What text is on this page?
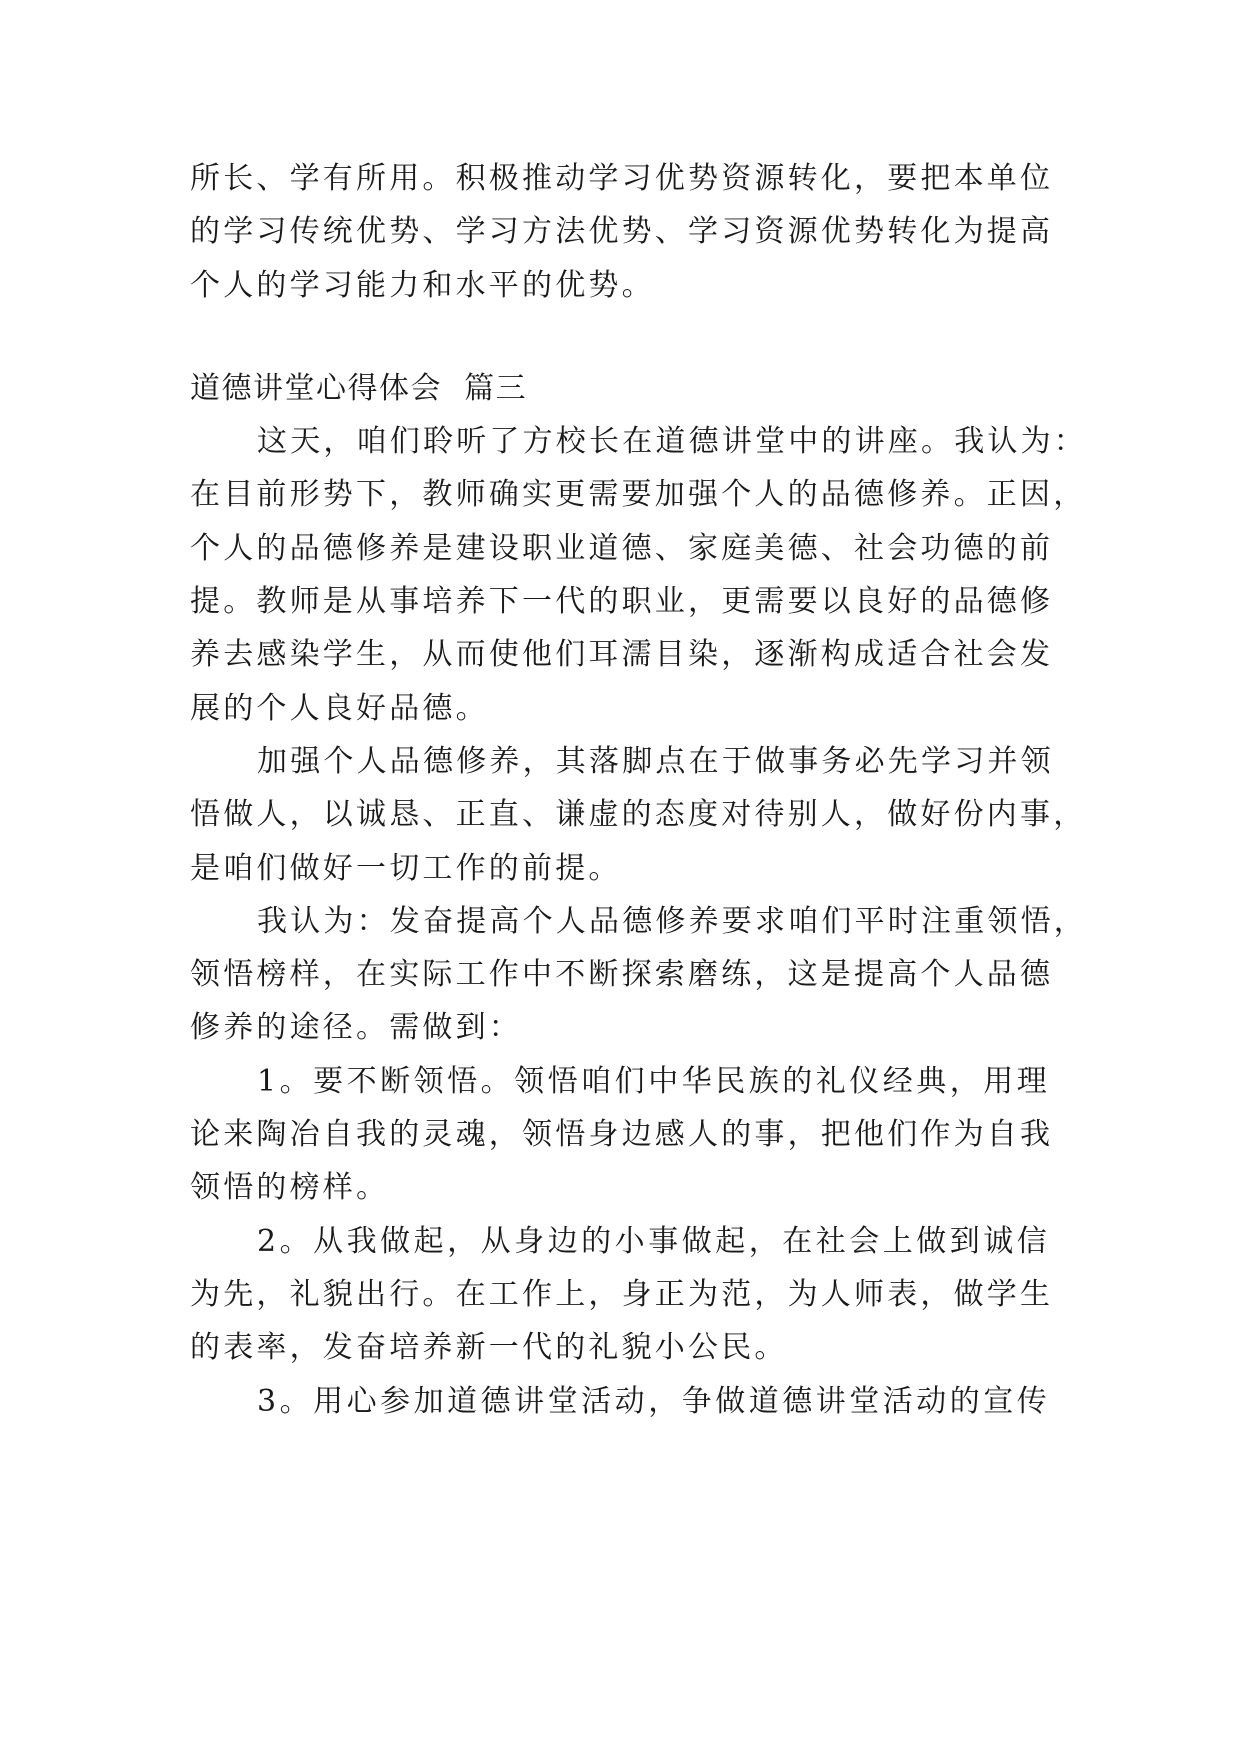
所长、学有所用。积极推动学习优势资源转化，要把本单位
的学习传统优势、学习方法优势、学习资源优势转化为提高
个人的学习能力和水平的优势。

道德讲堂心得体会  篇三

这天，咱们聆听了方校长在道德讲堂中的讲座。我认为：
在目前形势下，教师确实更需要加强个人的品德修养。正因，
个人的品德修养是建设职业道德、家庭美德、社会功德的前
提。教师是从事培养下一代的职业，更需要以良好的品德修
养去感染学生，从而使他们耳濡目染，逐渐构成适合社会发
展的个人良好品德。

加强个人品德修养，其落脚点在于做事务必先学习并领
悟做人，以诚恳、正直、谦虚的态度对待别人，做好份内事，
是咱们做好一切工作的前提。

我认为：发奋提高个人品德修养要求咱们平时注重领悟，
领悟榜样，在实际工作中不断探索磨练，这是提高个人品德
修养的途径。需做到：

1。要不断领悟。领悟咱们中华民族的礼仪经典，用理
论来陶冶自我的灵魂，领悟身边感人的事，把他们作为自我
领悟的榜样。

2。从我做起，从身边的小事做起，在社会上做到诚信
为先，礼貌出行。在工作上，身正为范，为人师表，做学生
的表率，发奋培养新一代的礼貌小公民。

3。用心参加道德讲堂活动，争做道德讲堂活动的宣传
